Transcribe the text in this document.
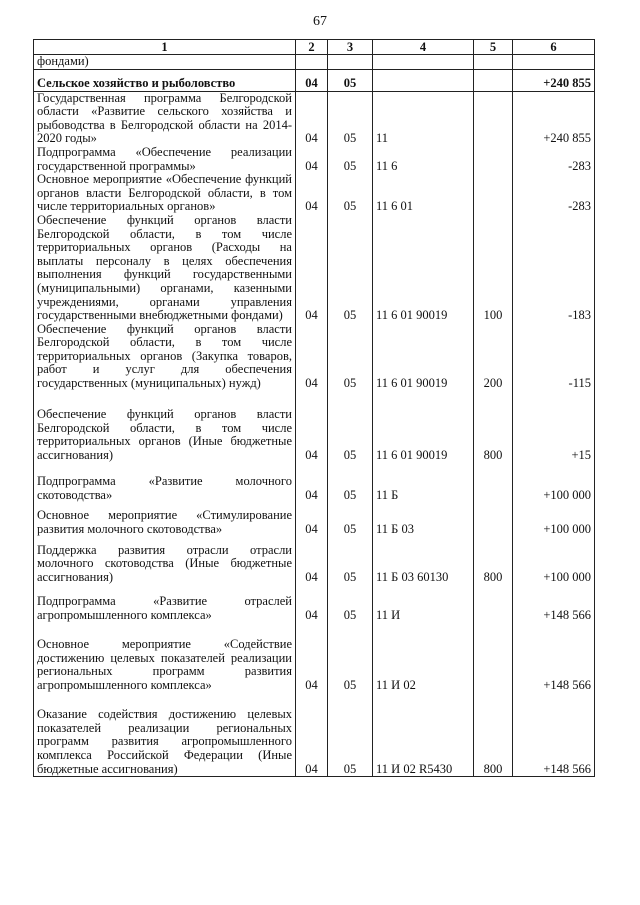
67
1	2	3	4	5	6
фондами)					
Сельское хозяйство и рыболовство	04	05			+240 855
Государственная программа Белгородской области «Развитие сельского хозяйства и рыбоводства в Белгородской области на 2014-2020 годы»	04	05	11		+240 855
Подпрограмма «Обеспечение реализации государственной программы»	04	05	11 6		-283
Основное мероприятие «Обеспечение функций органов власти Белгородской области, в том числе территориальных органов»	04	05	11 6 01		-283
Обеспечение функций органов власти Белгородской области, в том числе территориальных органов (Расходы на выплаты персоналу в целях обеспечения выполнения функций государственными (муниципальными) органами, казенными учреждениями, органами управления государственными внебюджетными фондами)	04	05	11 6 01 90019	100	-183
Обеспечение функций органов власти Белгородской области, в том числе территориальных органов (Закупка товаров, работ и услуг для обеспечения государственных (муниципальных) нужд)	04	05	11 6 01 90019	200	-115
Обеспечение функций органов власти Белгородской области, в том числе территориальных органов (Иные бюджетные ассигнования)	04	05	11 6 01 90019	800	+15
Подпрограмма «Развитие молочного скотоводства»	04	05	11 Б		+100 000
Основное мероприятие «Стимулирование развития молочного скотоводства»	04	05	11 Б 03		+100 000
Поддержка развития отрасли отрасли молочного скотоводства (Иные бюджетные ассигнования)	04	05	11 Б 03 60130	800	+100 000
Подпрограмма «Развитие отраслей агропромышленного комплекса»	04	05	11 И		+148 566
Основное мероприятие «Содействие достижению целевых показателей реализации региональных программ развития агропромышленного комплекса»	04	05	11 И 02		+148 566
Оказание содействия достижению целевых показателей реализации региональных программ развития агропромышленного комплекса Российской Федерации (Иные бюджетные ассигнования)	04	05	11 И 02 R5430	800	+148 566
